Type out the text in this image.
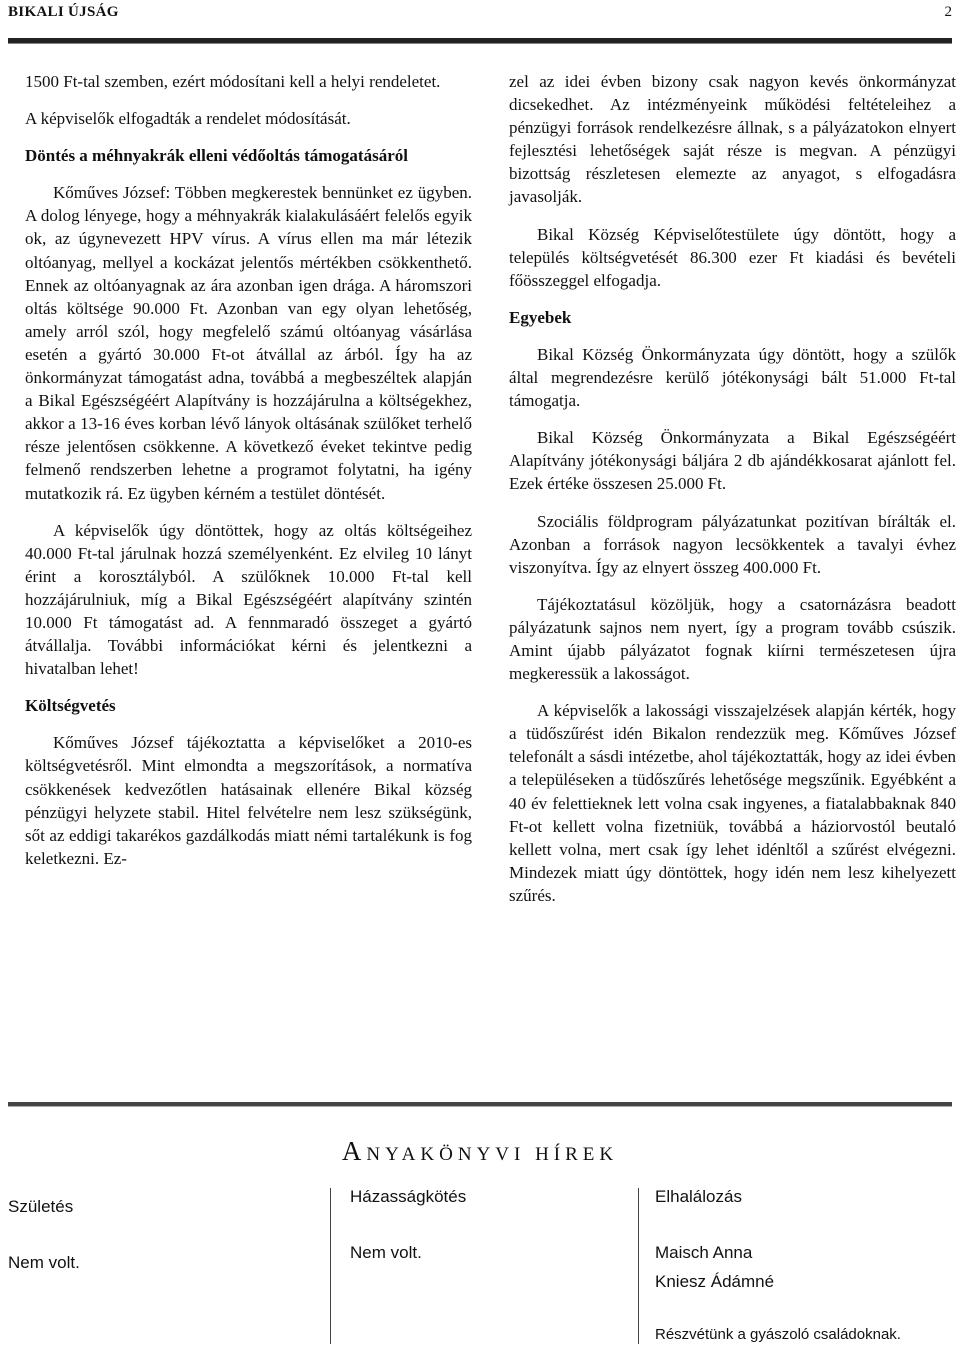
BIKALI ÚJSÁG	2

1500 Ft-tal szemben, ezért módosítani kell a helyi rendeletet.

A képviselők elfogadták a rendelet módosítását.

Döntés a méhnyakrák elleni védőoltás támogatásáról

Kőműves József: Többen megkerestek bennünket ez ügyben. A dolog lényege, hogy a méhnyakrák kialakulásáért felelős egyik ok, az úgynevezett HPV vírus. A vírus ellen ma már létezik oltóanyag, mellyel a kockázat jelentős mértékben csökkenthető. Ennek az oltóanyagnak az ára azonban igen drága. A háromszori oltás költsége 90.000 Ft. Azonban van egy olyan lehetőség, amely arról szól, hogy megfelelő számú oltóanyag vásárlása esetén a gyártó 30.000 Ft-ot átvállal az árból. Így ha az önkormányzat támogatást adna, továbbá a megbeszéltek alapján a Bikal Egészségéért Alapítvány is hozzájárulna a költségekhez, akkor a 13-16 éves korban lévő lányok oltásának szülőket terhelő része jelentősen csökkenne. A következő éveket tekintve pedig felmenő rendszerben lehetne a programot folytatni, ha igény mutatkozik rá. Ez ügyben kérném a testület döntését.

A képviselők úgy döntöttek, hogy az oltás költségeihez 40.000 Ft-tal járulnak hozzá személyenként. Ez elvileg 10 lányt érint a korosztályból. A szülőknek 10.000 Ft-tal kell hozzájárulniuk, míg a Bikal Egészségéért alapítvány szintén 10.000 Ft támogatást ad. A fennmaradó összeget a gyártó átvállalja. További információkat kérni és jelentkezni a hivatalban lehet!

Költségvetés

Kőműves József tájékoztatta a képviselőket a 2010-es költségvetésről. Mint elmondta a megszorítások, a normatíva csökkenések kedvezőtlen hatásainak ellenére Bikal község pénzügyi helyzete stabil. Hitel felvételre nem lesz szükségünk, sőt az eddigi takarékos gazdálkodás miatt némi tartalékunk is fog keletkezni. Ez-

zel az idei évben bizony csak nagyon kevés önkormányzat dicsekedhet. Az intézményeink működési feltételeihez a pénzügyi források rendelkezésre állnak, s a pályázatokon elnyert fejlesztési lehetőségek saját része is megvan. A pénzügyi bizottság részletesen elemezte az anyagot, s elfogadásra javasolják.

Bikal Község Képviselőtestülete úgy döntött, hogy a település költségvetését 86.300 ezer Ft kiadási és bevételi főösszeggel elfogadja.

Egyebek

Bikal Község Önkormányzata úgy döntött, hogy a szülők által megrendezésre kerülő jótékonysági bált 51.000 Ft-tal támogatja.

Bikal Község Önkormányzata a Bikal Egészségéért Alapítvány jótékonysági báljára 2 db ajándékkosarat ajánlott fel. Ezek értéke összesen 25.000 Ft.

Szociális földprogram pályázatunkat pozitívan bírálták el. Azonban a források nagyon lecsökkentek a tavalyi évhez viszonyítva. Így az elnyert összeg 400.000 Ft.

Tájékoztatásul közöljük, hogy a csatornázásra beadott pályázatunk sajnos nem nyert, így a program tovább csúszik. Amint újabb pályázatot fognak kiírni természetesen újra megkeressük a lakosságot.

A képviselők a lakossági visszajelzések alapján kérték, hogy a tüdőszűrést idén Bikalon rendezzük meg. Kőműves József telefonált a sásdi intézetbe, ahol tájékoztatták, hogy az idei évben a településeken a tüdőszűrés lehetősége megszűnik. Egyébként a 40 év felettieknek lett volna csak ingyenes, a fiatalabbaknak 840 Ft-ot kellett volna fizetniük, továbbá a háziorvostól beutaló kellett volna, mert csak így lehet idénltől a szűrést elvégezni. Mindezek miatt úgy döntöttek, hogy idén nem lesz kihelyezett szűrés.

ANYAKÖNYVI HÍREK
Születés
Nem volt.
Házasságkötés
Nem volt.
Elhalálozás
Maisch Anna
Kniesz Ádámné
Részvétünk a gyászoló családoknak.
